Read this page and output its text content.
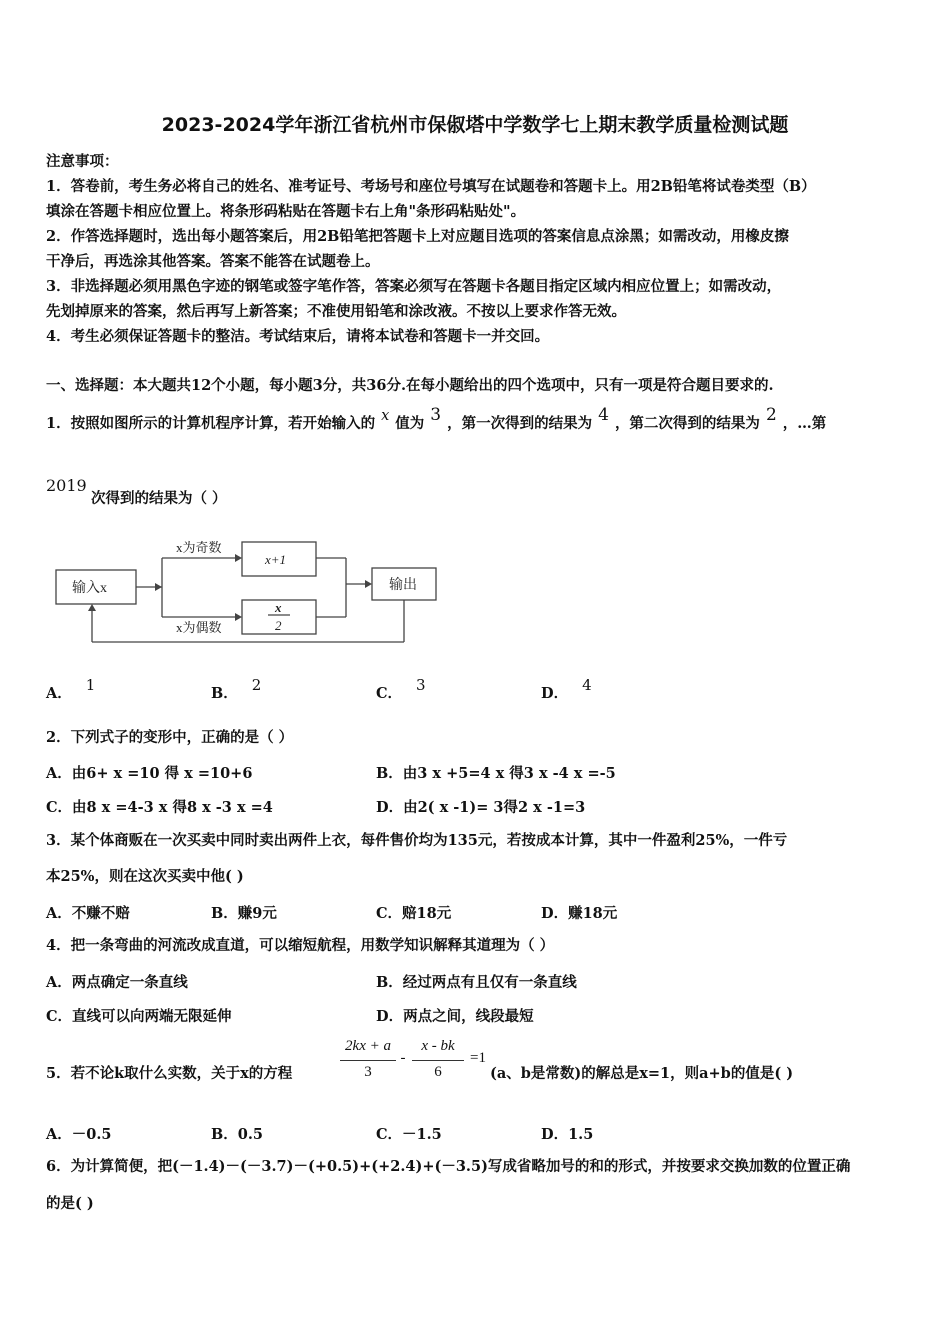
2023-2024学年浙江省杭州市保俶塔中学数学七上期末教学质量检测试题
注意事项：
1．答卷前，考生务必将自己的姓名、准考证号、考场号和座位号填写在试题卷和答题卡上。用2B铅笔将试卷类型（B）
填涂在答题卡相应位置上。将条形码粘贴在答题卡右上角"条形码粘贴处"。
2．作答选择题时，选出每小题答案后，用2B铅笔把答题卡上对应题目选项的答案信息点涂黑；如需改动，用橡皮擦
干净后，再选涂其他答案。答案不能答在试题卷上。
3．非选择题必须用黑色字迹的钢笔或签字笔作答，答案必须写在答题卡各题目指定区域内相应位置上；如需改动，
先划掉原来的答案，然后再写上新答案；不准使用铅笔和涂改液。不按以上要求作答无效。
4．考生必须保证答题卡的整洁。考试结束后，请将本试卷和答题卡一并交回。
一、选择题：本大题共12个小题，每小题3分，共36分.在每小题给出的四个选项中，只有一项是符合题目要求的.
1．按照如图所示的计算机程序计算，若开始输入的 x 值为 3 ，第一次得到的结果为 4 ，第二次得到的结果为 2 ，…第
2019
次得到的结果为（ ）
输入x
x为奇数
x为偶数
x+1
x
2
输出
A． 1	B． 2	C． 3	D． 4
2．下列式子的变形中，正确的是（ ）
A．由6+ x =10 得 x =10+6	B．由3 x +5=4 x 得3 x -4 x =-5
C．由8 x =4-3 x 得8 x -3 x =4	D．由2( x -1)= 3得2 x -1=3
3．某个体商贩在一次买卖中同时卖出两件上衣，每件售价均为135元，若按成本计算，其中一件盈利25%，一件亏
本25%，则在这次买卖中他( )
A．不赚不赔	B．赚9元	C．赔18元	D．赚18元
4．把一条弯曲的河流改成直道，可以缩短航程，用数学知识解释其道理为（ ）
A．两点确定一条直线	B．经过两点有且仅有一条直线
C．直线可以向两端无限延伸	D．两点之间，线段最短
5．若不论k取什么实数，关于x的方程
2kx + a
3
-
x - bk
6
=1
(a、b是常数)的解总是x=1，则a+b的值是( )
A．－0.5	B．0.5	C．－1.5	D．1.5
6．为计算简便，把(－1.4)－(－3.7)－(+0.5)+(+2.4)+(－3.5)写成省略加号的和的形式，并按要求交换加数的位置正确
的是( )
